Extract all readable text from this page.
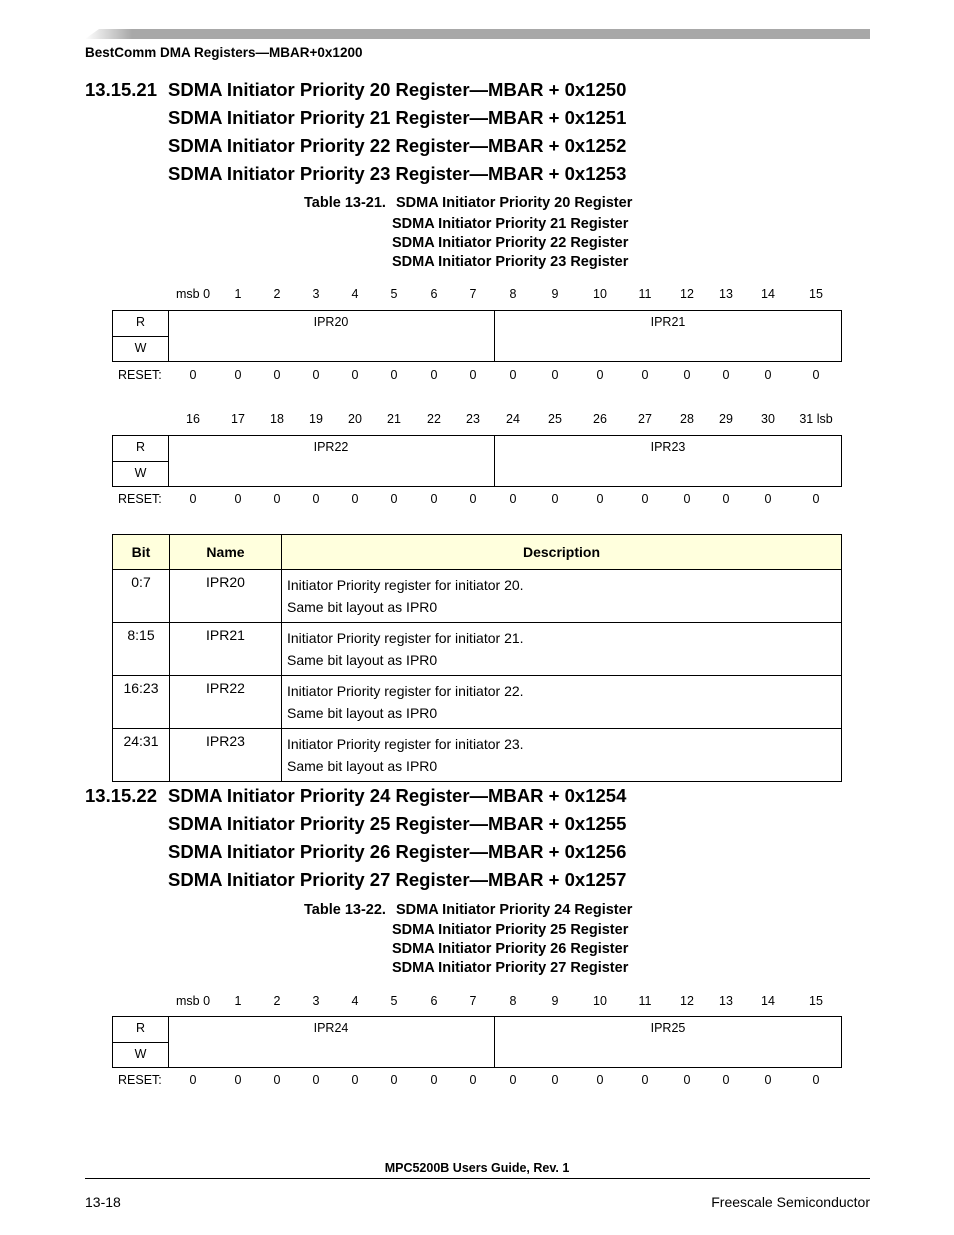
BestComm DMA Registers—MBAR+0x1200
13.15.21 SDMA Initiator Priority 20 Register—MBAR + 0x1250
SDMA Initiator Priority 21 Register—MBAR + 0x1251
SDMA Initiator Priority 22 Register—MBAR + 0x1252
SDMA Initiator Priority 23 Register—MBAR + 0x1253
Table 13-21. SDMA Initiator Priority 20 Register
SDMA Initiator Priority 21 Register
SDMA Initiator Priority 22 Register
SDMA Initiator Priority 23 Register
msb 0 1	2	3	4	5	6	7	8	9	10	11 12 13 14	15
R
W
IPR20	IPR21
RESET: 0	0	0	0	0	0	0	0	0	0	0	0	0	0	0	0
16 17 18 19 20 21 22 23 24 25 26 27 28 29 30 31 lsb
R
W
IPR22	IPR23
RESET: 0	0	0	0	0	0	0	0	0	0	0	0	0	0	0	0
Bit	Name	Description
0:7	IPR20	Initiator Priority register for initiator 20.
Same bit layout as IPR0

8:15	IPR21	Initiator Priority register for initiator 21.
Same bit layout as IPR0

16:23	IPR22	Initiator Priority register for initiator 22.
Same bit layout as IPR0

24:31	IPR23	Initiator Priority register for initiator 23.
Same bit layout as IPR0
13.15.22 SDMA Initiator Priority 24 Register—MBAR + 0x1254
SDMA Initiator Priority 25 Register—MBAR + 0x1255
SDMA Initiator Priority 26 Register—MBAR + 0x1256
SDMA Initiator Priority 27 Register—MBAR + 0x1257
Table 13-22. SDMA Initiator Priority 24 Register
SDMA Initiator Priority 25 Register
SDMA Initiator Priority 26 Register
SDMA Initiator Priority 27 Register
msb 0 1	2	3	4	5	6	7	8	9	10	11 12 13 14	15
R
W
IPR24	IPR25
RESET: 0	0	0	0	0	0	0	0	0	0	0	0	0	0	0	0
MPC5200B Users Guide, Rev. 1
13-18	Freescale Semiconductor
